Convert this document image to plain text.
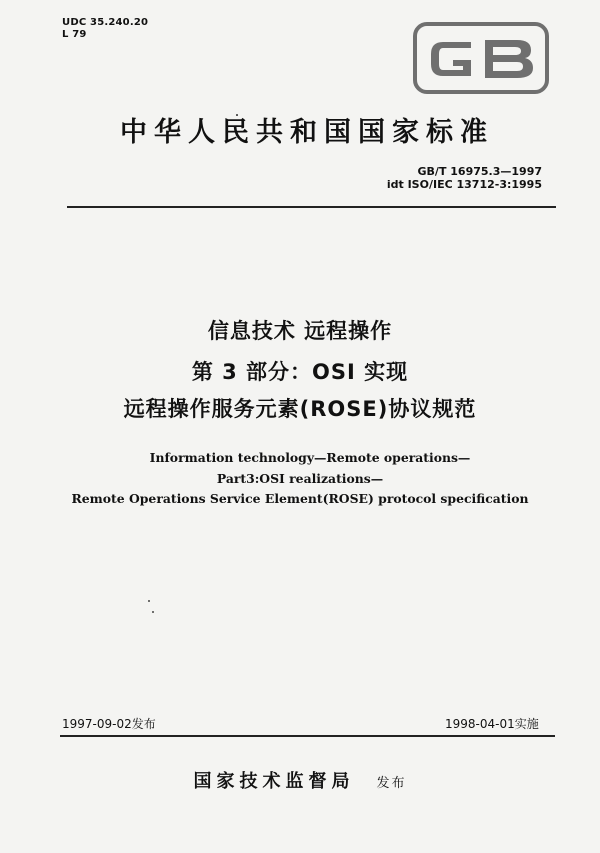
UDC 35.240.20
L 79
中华人民共和国国家标准
GB/T 16975.3—1997
idt ISO/IEC 13712-3:1995
信息技术 远程操作
第 3 部分：OSI 实现
远程操作服务元素(ROSE)协议规范
Information technology—Remote operations—
Part3:OSI realizations—
Remote Operations Service Element(ROSE) protocol specification
1997-09-02发布	1998-04-01实施
国家技术监督局 发布
